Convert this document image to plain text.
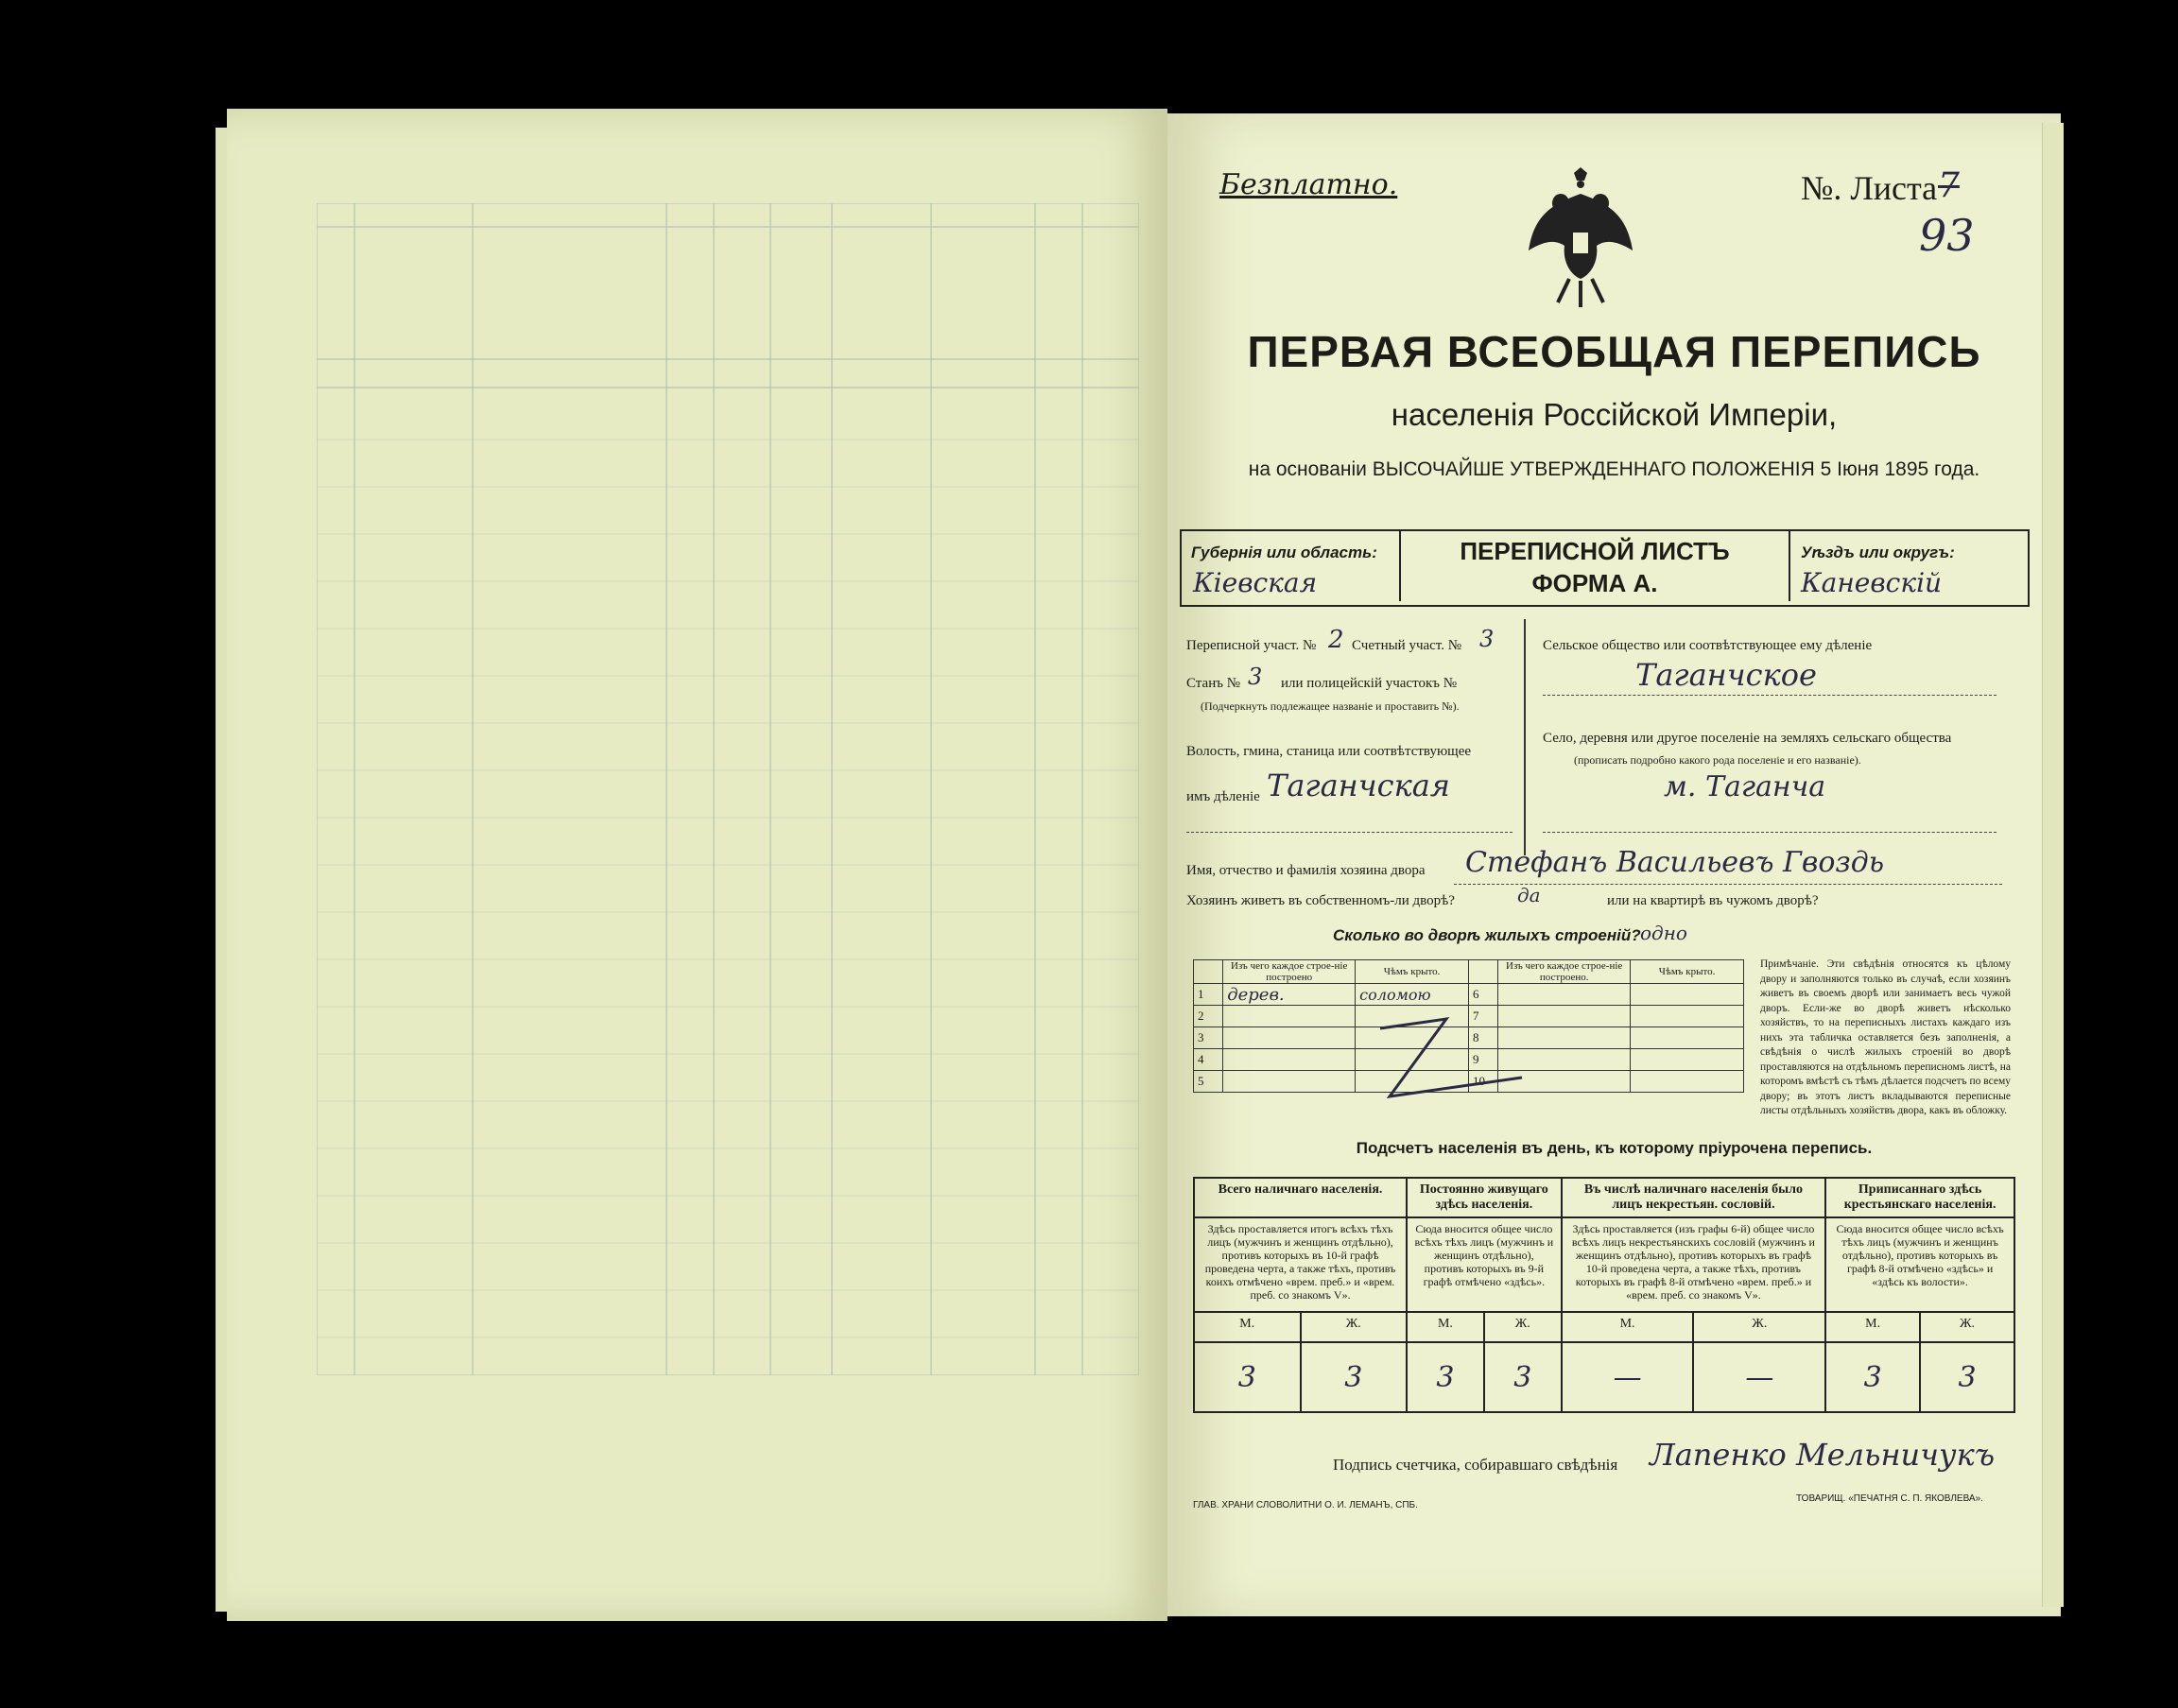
Безплатно.	№. Листа 7
93
ПЕРВАЯ ВСЕОБЩАЯ ПЕРЕПИСЬ
населенія Россійской Имперіи,
на основаніи ВЫСОЧАЙШЕ УТВЕРЖДЕННАГО ПОЛОЖЕНІЯ 5 Іюня 1895 года.
Губернія или область:
Кіевская
ПЕРЕПИСНОЙ ЛИСТЪ
ФОРМА А.
Уѣздъ или округъ:
Каневскій
Переписной участ. № 2 Счетный участ. № 3
Станъ № 3 или полицейскій участокъ №
(Подчеркнуть подлежащее названіе и проставить №).
Волость, гмина, станица или соотвѣтствующее
имъ дѣленіе Таганчская
Сельское общество или соотвѣтствующее ему дѣленіе
Таганчское
Село, деревня или другое поселеніе на земляхъ сельскаго общества
(прописать подробно какого рода поселеніе и его названіе).
м. Таганча
Имя, отчество и фамилія хозяина двора Стефанъ Васильевъ Гвоздь
Хозяинъ живетъ въ собственномъ-ли дворѣ?	да	или на квартирѣ въ чужомъ дворѣ?
Сколько во дворѣ жилыхъ строеній? одно
	Изъ чего каждое строе-ніе построено	Чѣмъ крыто.		Изъ чего каждое строе-ніе построено.	Чѣмъ крыто.
1	дерев.	соломою	6		
2			7		
3			8		
4			9		
5			10		
Примѣчаніе. Эти свѣдѣнія относятся къ цѣлому двору и заполняются только въ случаѣ, если хозяинъ живетъ въ своемъ дворѣ или занимаетъ весь чужой дворъ. Если-же во дворѣ живетъ нѣсколько хозяйствъ, то на переписныхъ листахъ каждаго изъ нихъ эта табличка оставляется безъ заполненія, а свѣдѣнія о числѣ жилыхъ строеній во дворѣ проставляются на отдѣльномъ переписномъ листѣ, на которомъ вмѣстѣ съ тѣмъ дѣлается подсчетъ по всему двору; въ этотъ листъ вкладываются переписные листы отдѣльныхъ хозяйствъ двора, какъ въ обложку.
Подсчетъ населенія въ день, къ которому пріурочена перепись.
Всего наличнаго населенія.		Постоянно живущаго здѣсь населенія.		Въ числѣ наличнаго населенія было лицъ некрестьян. сословій.		Приписаннаго здѣсь крестьянскаго населенія.	
Здѣсь проставляется итогъ всѣхъ тѣхъ лицъ (мужчинъ и женщинъ отдѣльно), противъ которыхъ въ 10-й графѣ проведена черта, а также тѣхъ, противъ коихъ отмѣчено «врем. преб.» и «врем. преб. со знакомъ V».		Сюда вносится общее число всѣхъ тѣхъ лицъ (мужчинъ и женщинъ отдѣльно), противъ которыхъ въ 9-й графѣ отмѣчено «здѣсь».		Здѣсь проставляется (изъ графы 6-й) общее число всѣхъ лицъ некрестьянскихъ сословій (мужчинъ и женщинъ отдѣльно), противъ которыхъ въ графѣ 10-й проведена черта, а также тѣхъ, противъ которыхъ въ графѣ 8-й отмѣчено «врем. преб.» и «врем. преб. со знакомъ V».		Сюда вносится общее число всѣхъ тѣхъ лицъ (мужчинъ и женщинъ отдѣльно), противъ которыхъ въ графѣ 8-й отмѣчено «здѣсь» и «здѣсь къ волости».	
М.	Ж.	М.	Ж.	М.	Ж.	М.	Ж.
3	3	3	3	—	—	3	3
Подпись счетчика, собиравшаго свѣдѣнія Лапенко Мельничукъ
ГЛАВ. ХРАНИ СЛОВОЛИТНИ О. И. ЛЕМАНЪ, СПБ.
ТОВАРИЩ. «ПЕЧАТНЯ С. П. ЯКОВЛЕВА».
